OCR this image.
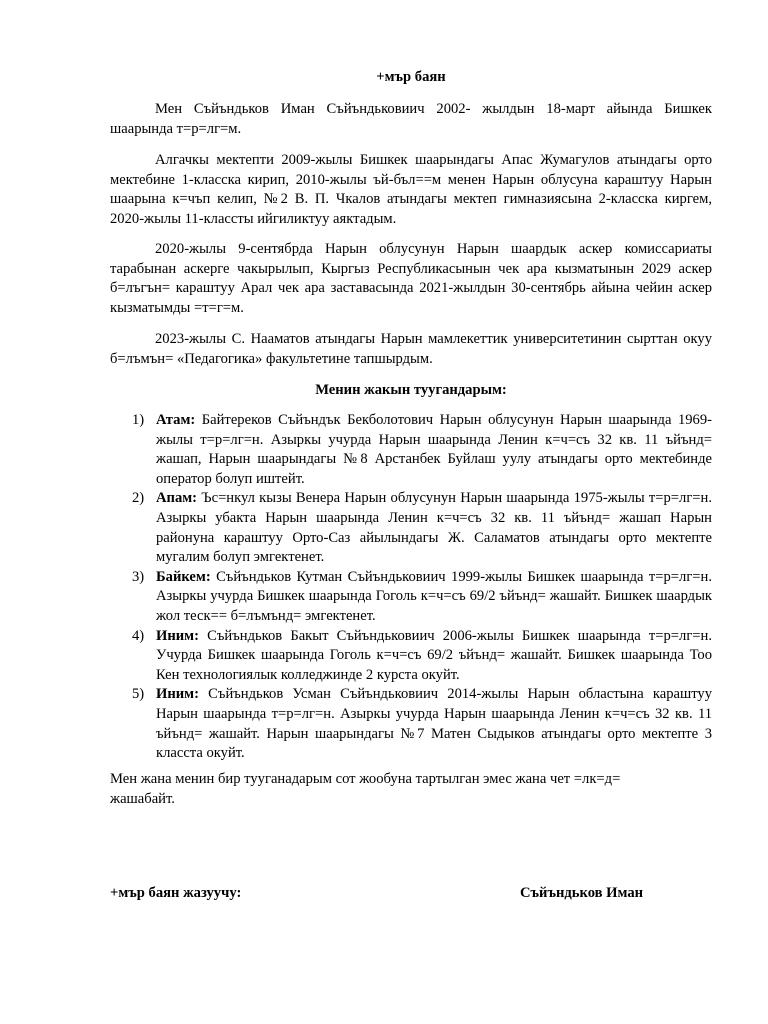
+мър баян

Мен Съйъндьков Иман Съйъндьковиич 2002- жылдын 18-март айында Бишкек шаарында т=р=лг=м.

Алгачкы мектепти 2009-жылы Бишкек шаарындагы Апас Жумагулов атындагы орто мектебине 1-класска кирип, 2010-жылы ъй-бъл==м менен Нарын облусуна караштуу Нарын шаарына к=чъп келип, №2 В. П. Чкалов атындагы мектеп гимназиясына 2-класска киргем, 2020-жылы 11-классты ийгиликтуу аяктадым.

2020-жылы 9-сентябрда Нарын облусунун Нарын шаардык аскер комиссариаты тарабынан аскерге чакырылып, Кыргыз Республикасынын чек ара кызматынын 2029 аскер б=лъгън= караштуу Арал чек ара заставасында 2021-жылдын 30-сентябрь айына чейин аскер кызматымды =т=г=м.

2023-жылы С. Нааматов атындагы Нарын мамлекеттик университетинин сырттан окуу б=лъмън= «Педагогика» факультетине тапшырдым.

Менин жакын туугандарым:
1) Атам: Байтереков Съйъндък Бекболотович Нарын облусунун Нарын шаарында 1969-жылы т=р=лг=н. Азыркы учурда Нарын шаарында Ленин к=ч=съ 32 кв. 11 ъйънд= жашап, Нарын шаарындагы №8 Арстанбек Буйлаш уулу атындагы орто мектебинде оператор болуп иштейт.
2) Апам: Ъс=нкул кызы Венера Нарын облусунун Нарын шаарында 1975-жылы т=р=лг=н. Азыркы убакта Нарын шаарында Ленин к=ч=съ 32 кв. 11 ъйънд= жашап Нарын районуна караштуу Орто-Саз айылындагы Ж. Саламатов атындагы орто мектепте мугалим болуп эмгектенет.
3) Байкем: Съйъндьков Кутман Съйъндьковиич 1999-жылы Бишкек шаарында т=р=лг=н. Азыркы учурда Бишкек шаарында Гоголь к=ч=съ 69/2 ъйънд= жашайт. Бишкек шаардык жол теск== б=лъмънд= эмгектенет.
4) Иним: Съйъндьков Бакыт Съйъндьковиич 2006-жылы Бишкек шаарында т=р=лг=н. Учурда Бишкек шаарында Гоголь к=ч=съ 69/2 ъйънд= жашайт. Бишкек шаарында Тоо Кен технологиялык колледжинде 2 курста окуйт.
5) Иним: Съйъндьков Усман Съйъндьковиич 2014-жылы Нарын областына караштуу Нарын шаарында т=р=лг=н. Азыркы учурда Нарын шаарында Ленин к=ч=съ 32 кв. 11 ъйънд= жашайт. Нарын шаарындагы №7 Матен Сыдыков атындагы орто мектепте 3 класста окуйт.

Мен жана менин бир тууганадарым сот жообуна тартылган эмес жана чет =лк=д= жашабайт.

+мър баян жазуучу:	Съйъндьков Иман
